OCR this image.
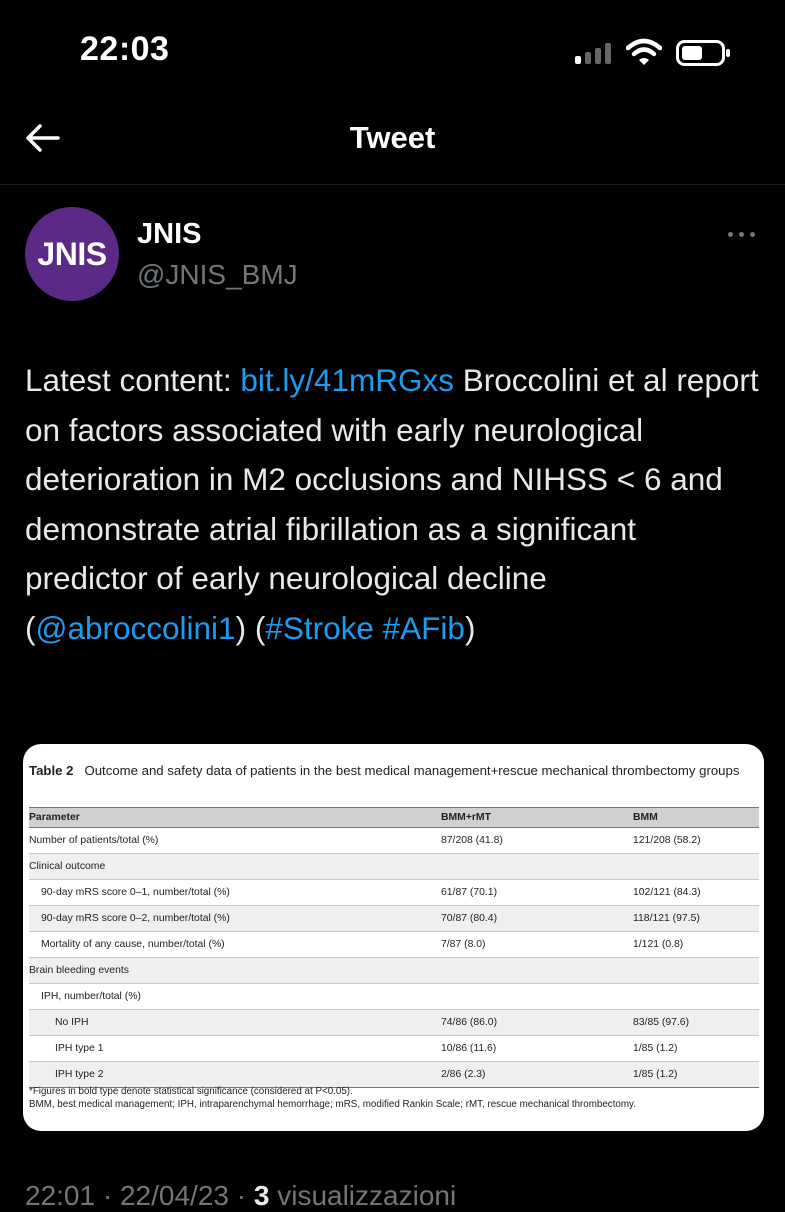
22:03
Tweet
JNIS
JNIS
@JNIS_BMJ
Latest content: bit.ly/41mRGxs Broccolini et al report on factors associated with early neurological deterioration in M2 occlusions and NIHSS < 6 and demonstrate atrial fibrillation as a significant predictor of early neurological decline (@abroccolini1) (#Stroke #AFib)
Table 2 Outcome and safety data of patients in the best medical management+rescue mechanical thrombectomy groups
Parameter	BMM+rMT	BMM
Number of patients/total (%)	87/208 (41.8)	121/208 (58.2)
Clinical outcome		
90-day mRS score 0–1, number/total (%)	61/87 (70.1)	102/121 (84.3)
90-day mRS score 0–2, number/total (%)	70/87 (80.4)	118/121 (97.5)
Mortality of any cause, number/total (%)	7/87 (8.0)	1/121 (0.8)
Brain bleeding events		
IPH, number/total (%)		
No IPH	74/86 (86.0)	83/85 (97.6)
IPH type 1	10/86 (11.6)	1/85 (1.2)
IPH type 2	2/86 (2.3)	1/85 (1.2)
*Figures in bold type denote statistical significance (considered at P<0.05).
BMM, best medical management; IPH, intraparenchymal hemorrhage; mRS, modified Rankin Scale; rMT, rescue mechanical thrombectomy.
22:01 · 22/04/23 · 3 visualizzazioni
